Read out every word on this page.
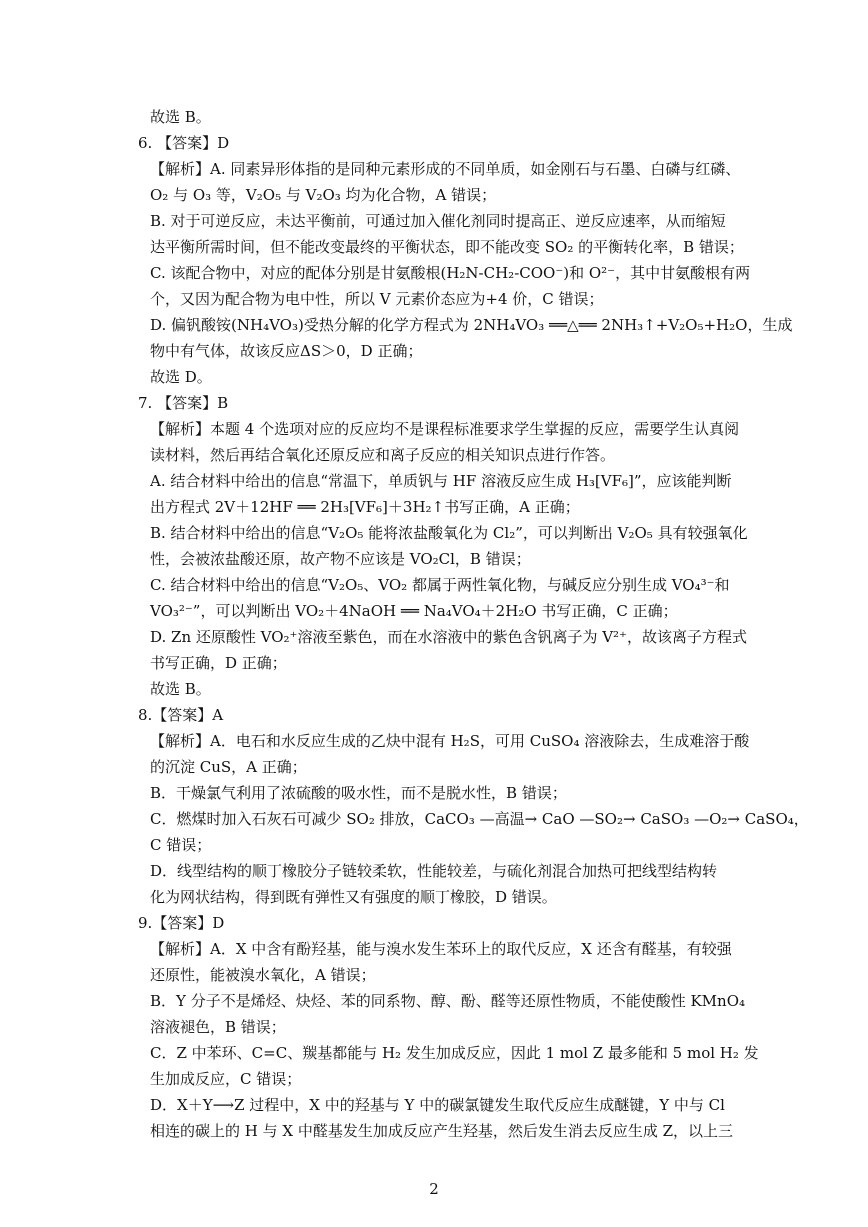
故选 B。
6. 【答案】D
【解析】A. 同素异形体指的是同种元素形成的不同单质，如金刚石与石墨、白磷与红磷、
O₂ 与 O₃ 等，V₂O₅ 与 V₂O₃ 均为化合物，A 错误；
B. 对于可逆反应，未达平衡前，可通过加入催化剂同时提高正、逆反应速率，从而缩短
达平衡所需时间，但不能改变最终的平衡状态，即不能改变 SO₂ 的平衡转化率，B 错误；
C. 该配合物中，对应的配体分别是甘氨酸根(H₂N-CH₂-COO⁻)和 O²⁻，其中甘氨酸根有两
个，又因为配合物为电中性，所以 V 元素价态应为+4 价，C 错误；
D. 偏钒酸铵(NH₄VO₃)受热分解的化学方程式为 2NH₄VO₃ ══△══ 2NH₃↑+V₂O₅+H₂O，生成
物中有气体，故该反应ΔS＞0，D 正确；
故选 D。
7. 【答案】B
【解析】本题 4 个选项对应的反应均不是课程标准要求学生掌握的反应，需要学生认真阅
读材料，然后再结合氧化还原反应和离子反应的相关知识点进行作答。
A. 结合材料中给出的信息“常温下，单质钒与 HF 溶液反应生成 H₃[VF₆]”，应该能判断
出方程式 2V＋12HF ══ 2H₃[VF₆]＋3H₂↑书写正确，A 正确；
B. 结合材料中给出的信息“V₂O₅ 能将浓盐酸氧化为 Cl₂”，可以判断出 V₂O₅ 具有较强氧化
性，会被浓盐酸还原，故产物不应该是 VO₂Cl，B 错误；
C. 结合材料中给出的信息“V₂O₅、VO₂ 都属于两性氧化物，与碱反应分别生成 VO₄³⁻和
VO₃²⁻”，可以判断出 VO₂＋4NaOH ══ Na₄VO₄＋2H₂O 书写正确，C 正确；
D. Zn 还原酸性 VO₂⁺溶液至紫色，而在水溶液中的紫色含钒离子为 V²⁺，故该离子方程式
书写正确，D 正确；
故选 B。
8.【答案】A
【解析】A．电石和水反应生成的乙炔中混有 H₂S，可用 CuSO₄ 溶液除去，生成难溶于酸
的沉淀 CuS，A 正确；
B．干燥氯气利用了浓硫酸的吸水性，而不是脱水性，B 错误；
C．燃煤时加入石灰石可减少 SO₂ 排放，CaCO₃ —高温→ CaO —SO₂→ CaSO₃ —O₂→ CaSO₄，
C 错误；
D．线型结构的顺丁橡胶分子链较柔软，性能较差，与硫化剂混合加热可把线型结构转
化为网状结构，得到既有弹性又有强度的顺丁橡胶，D 错误。
9.【答案】D
【解析】A．X 中含有酚羟基，能与溴水发生苯环上的取代反应，X 还含有醛基，有较强
还原性，能被溴水氧化，A 错误；
B．Y 分子不是烯烃、炔烃、苯的同系物、醇、酚、醛等还原性物质，不能使酸性 KMnO₄
溶液褪色，B 错误；
C．Z 中苯环、C=C、羰基都能与 H₂ 发生加成反应，因此 1 mol Z 最多能和 5 mol H₂ 发
生加成反应，C 错误；
D．X＋Y⟶Z 过程中，X 中的羟基与 Y 中的碳氯键发生取代反应生成醚键，Y 中与 Cl
相连的碳上的 H 与 X 中醛基发生加成反应产生羟基，然后发生消去反应生成 Z，以上三
2
